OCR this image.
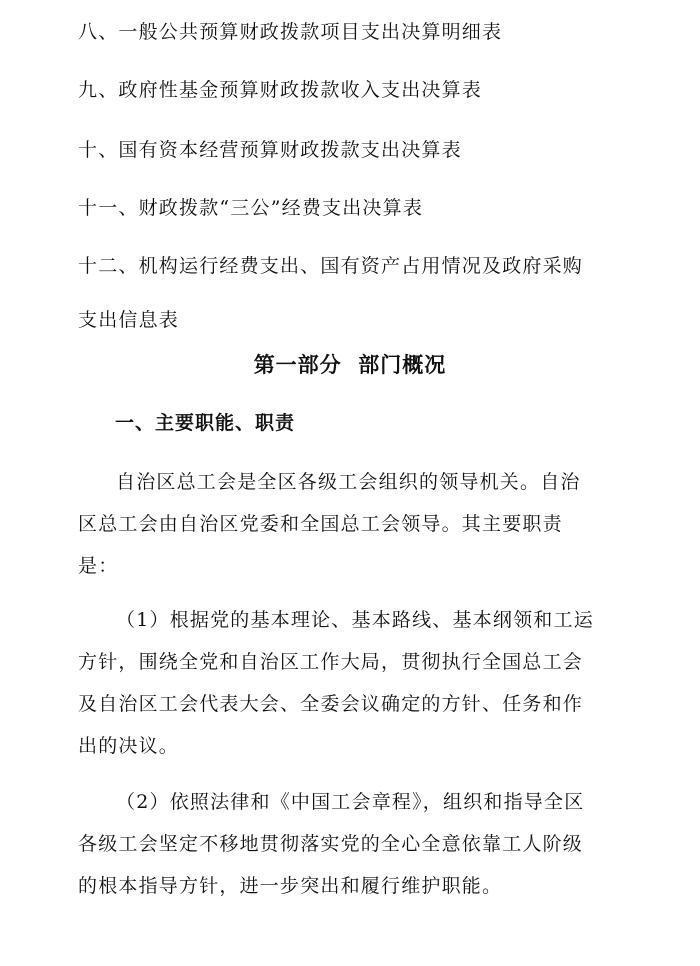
八、一般公共预算财政拨款项目支出决算明细表
九、政府性基金预算财政拨款收入支出决算表
十、国有资本经营预算财政拨款支出决算表
十一、财政拨款“三公”经费支出决算表
十二、机构运行经费支出、国有资产占用情况及政府采购
支出信息表
第一部分  部门概况
一、主要职能、职责
自治区总工会是全区各级工会组织的领导机关。自治
区总工会由自治区党委和全国总工会领导。其主要职责
是：
（1）根据党的基本理论、基本路线、基本纲领和工运
方针，围绕全党和自治区工作大局，贯彻执行全国总工会
及自治区工会代表大会、全委会议确定的方针、任务和作
出的决议。
（2）依照法律和《中国工会章程》，组织和指导全区
各级工会坚定不移地贯彻落实党的全心全意依靠工人阶级
的根本指导方针，进一步突出和履行维护职能。
